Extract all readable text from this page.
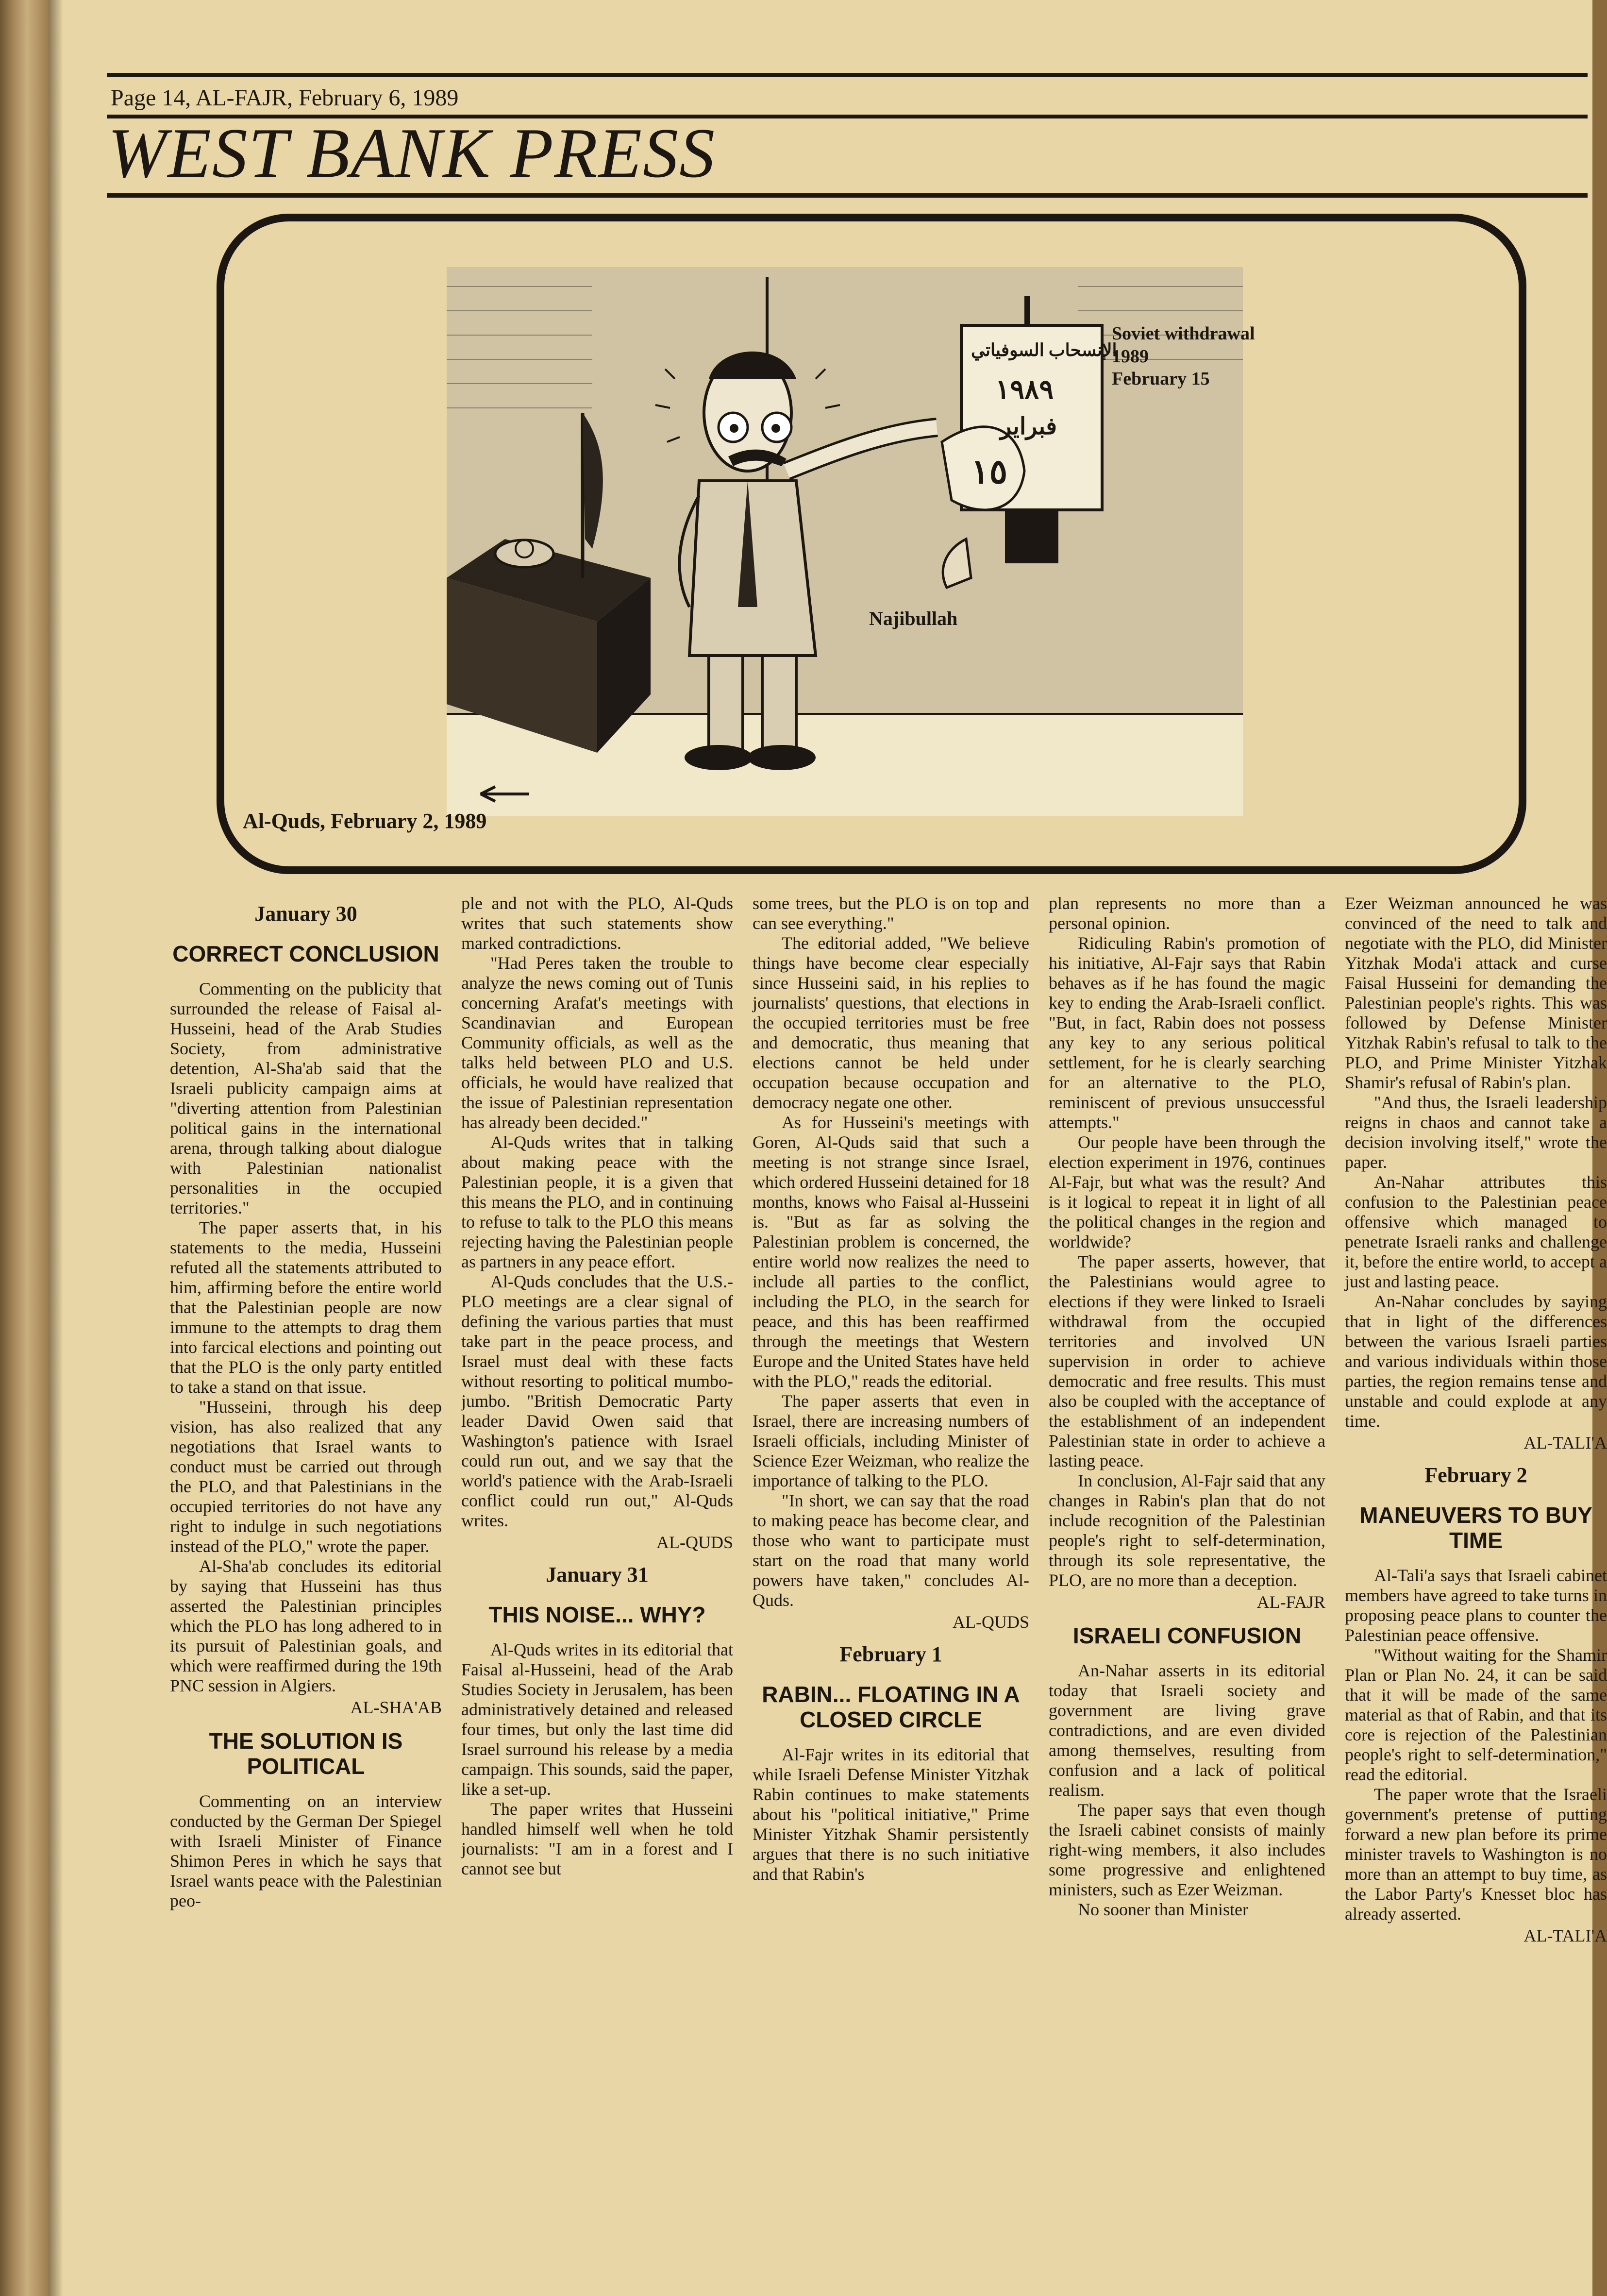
Page 14, AL-FAJR, February 6, 1989
WEST BANK PRESS
الإنسحاب السوفياتي
١٩٨٩
فبراير
١٥
Soviet withdrawal
1989
February 15
Najibullah
Al-Quds, February 2, 1989
January 30
CORRECT CONCLUSION

Commenting on the publicity that surrounded the release of Faisal al-Husseini, head of the Arab Studies Society, from administrative detention, Al-Sha'ab said that the Israeli publicity campaign aims at "diverting attention from Palestinian political gains in the international arena, through talking about dialogue with Palestinian nationalist personalities in the occupied territories."

The paper asserts that, in his statements to the media, Husseini refuted all the statements attributed to him, affirming before the entire world that the Palestinian people are now immune to the attempts to drag them into farcical elections and pointing out that the PLO is the only party entitled to take a stand on that issue.

"Husseini, through his deep vision, has also realized that any negotiations that Israel wants to conduct must be carried out through the PLO, and that Palestinians in the occupied territories do not have any right to indulge in such negotiations instead of the PLO," wrote the paper.

Al-Sha'ab concludes its editorial by saying that Husseini has thus asserted the Palestinian principles which the PLO has long adhered to in its pursuit of Palestinian goals, and which were reaffirmed during the 19th PNC session in Algiers.

AL-SHA'AB
THE SOLUTION IS POLITICAL

Commenting on an interview conducted by the German Der Spiegel with Israeli Minister of Finance Shimon Peres in which he says that Israel wants peace with the Palestinian peo-

ple and not with the PLO, Al-Quds writes that such statements show marked contradictions.

"Had Peres taken the trouble to analyze the news coming out of Tunis concerning Arafat's meetings with Scandinavian and European Community officials, as well as the talks held between PLO and U.S. officials, he would have realized that the issue of Palestinian representation has already been decided."

Al-Quds writes that in talking about making peace with the Palestinian people, it is a given that this means the PLO, and in continuing to refuse to talk to the PLO this means rejecting having the Palestinian people as partners in any peace effort.

Al-Quds concludes that the U.S.-PLO meetings are a clear signal of defining the various parties that must take part in the peace process, and Israel must deal with these facts without resorting to political mumbo-jumbo. "British Democratic Party leader David Owen said that Washington's patience with Israel could run out, and we say that the world's patience with the Arab-Israeli conflict could run out," Al-Quds writes.

AL-QUDS
January 31
THIS NOISE... WHY?

Al-Quds writes in its editorial that Faisal al-Husseini, head of the Arab Studies Society in Jerusalem, has been administratively detained and released four times, but only the last time did Israel surround his release by a media campaign. This sounds, said the paper, like a set-up.

The paper writes that Husseini handled himself well when he told journalists: "I am in a forest and I cannot see but

some trees, but the PLO is on top and can see everything."

The editorial added, "We believe things have become clear especially since Husseini said, in his replies to journalists' questions, that elections in the occupied territories must be free and democratic, thus meaning that elections cannot be held under occupation because occupation and democracy negate one other.

As for Husseini's meetings with Goren, Al-Quds said that such a meeting is not strange since Israel, which ordered Husseini detained for 18 months, knows who Faisal al-Husseini is. "But as far as solving the Palestinian problem is concerned, the entire world now realizes the need to include all parties to the conflict, including the PLO, in the search for peace, and this has been reaffirmed through the meetings that Western Europe and the United States have held with the PLO," reads the editorial.

The paper asserts that even in Israel, there are increasing numbers of Israeli officials, including Minister of Science Ezer Weizman, who realize the importance of talking to the PLO.

"In short, we can say that the road to making peace has become clear, and those who want to participate must start on the road that many world powers have taken," concludes Al-Quds.

AL-QUDS
February 1
RABIN... FLOATING IN A CLOSED CIRCLE

Al-Fajr writes in its editorial that while Israeli Defense Minister Yitzhak Rabin continues to make statements about his "political initiative," Prime Minister Yitzhak Shamir persistently argues that there is no such initiative and that Rabin's

plan represents no more than a personal opinion.

Ridiculing Rabin's promotion of his initiative, Al-Fajr says that Rabin behaves as if he has found the magic key to ending the Arab-Israeli conflict. "But, in fact, Rabin does not possess any key to any serious political settlement, for he is clearly searching for an alternative to the PLO, reminiscent of previous unsuccessful attempts."

Our people have been through the election experiment in 1976, continues Al-Fajr, but what was the result? And is it logical to repeat it in light of all the political changes in the region and worldwide?

The paper asserts, however, that the Palestinians would agree to elections if they were linked to Israeli withdrawal from the occupied territories and involved UN supervision in order to achieve democratic and free results. This must also be coupled with the acceptance of the establishment of an independent Palestinian state in order to achieve a lasting peace.

In conclusion, Al-Fajr said that any changes in Rabin's plan that do not include recognition of the Palestinian people's right to self-determination, through its sole representative, the PLO, are no more than a deception.

AL-FAJR
ISRAELI CONFUSION

An-Nahar asserts in its editorial today that Israeli society and government are living grave contradictions, and are even divided among themselves, resulting from confusion and a lack of political realism.

The paper says that even though the Israeli cabinet consists of mainly right-wing members, it also includes some progressive and enlightened ministers, such as Ezer Weizman.

No sooner than Minister

Ezer Weizman announced he was convinced of the need to talk and negotiate with the PLO, did Minister Yitzhak Moda'i attack and curse Faisal Husseini for demanding the Palestinian people's rights. This was followed by Defense Minister Yitzhak Rabin's refusal to talk to the PLO, and Prime Minister Yitzhak Shamir's refusal of Rabin's plan.

"And thus, the Israeli leadership reigns in chaos and cannot take a decision involving itself," wrote the paper.

An-Nahar attributes this confusion to the Palestinian peace offensive which managed to penetrate Israeli ranks and challenge it, before the entire world, to accept a just and lasting peace.

An-Nahar concludes by saying that in light of the differences between the various Israeli parties and various individuals within those parties, the region remains tense and unstable and could explode at any time.

AL-TALI'A
February 2
MANEUVERS TO BUY TIME

Al-Tali'a says that Israeli cabinet members have agreed to take turns in proposing peace plans to counter the Palestinian peace offensive.

"Without waiting for the Shamir Plan or Plan No. 24, it can be said that it will be made of the same material as that of Rabin, and that its core is rejection of the Palestinian people's right to self-determination," read the editorial.

The paper wrote that the Israeli government's pretense of putting forward a new plan before its prime minister travels to Washington is no more than an attempt to buy time, as the Labor Party's Knesset bloc has already asserted.

AL-TALI'A
